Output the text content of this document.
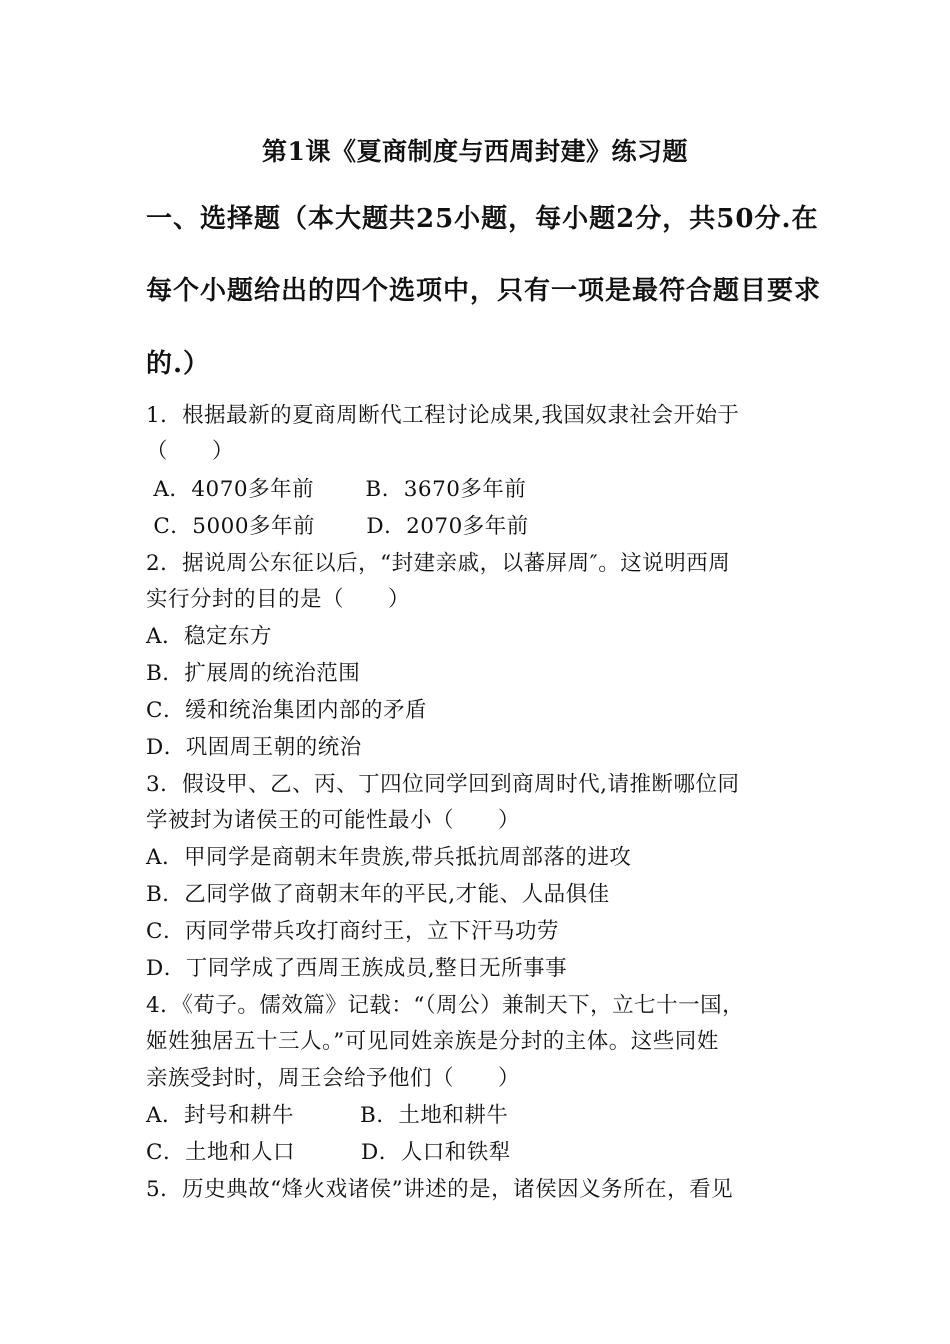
第1课《夏商制度与西周封建》练习题
一、选择题（本大题共25小题，每小题2分，共50分.在
每个小题给出的四个选项中，只有一项是最符合题目要求
的.）
1．根据最新的夏商周断代工程讨论成果,我国奴隶社会开始于
（　　）
A．4070多年前　　 B．3670多年前
C．5000多年前　　 D．2070多年前
2．据说周公东征以后，“封建亲戚，以蕃屏周″。这说明西周
实行分封的目的是（　　）
A．稳定东方
B．扩展周的统治范围
C．缓和统治集团内部的矛盾
D．巩固周王朝的统治
3．假设甲、乙、丙、丁四位同学回到商周时代,请推断哪位同
学被封为诸侯王的可能性最小（　　）
A．甲同学是商朝末年贵族,带兵抵抗周部落的进攻
B．乙同学做了商朝末年的平民,才能、人品俱佳
C．丙同学带兵攻打商纣王，立下汗马功劳
D．丁同学成了西周王族成员,整日无所事事
4．《荀子。儒效篇》记载：“（周公）兼制天下，立七十一国，
姬姓独居五十三人。”可见同姓亲族是分封的主体。这些同姓
亲族受封时，周王会给予他们（　　）
A．封号和耕牛　　　B．土地和耕牛
C．土地和人口　　　D．人口和铁犁
5．历史典故“烽火戏诸侯”讲述的是，诸侯因义务所在，看见
